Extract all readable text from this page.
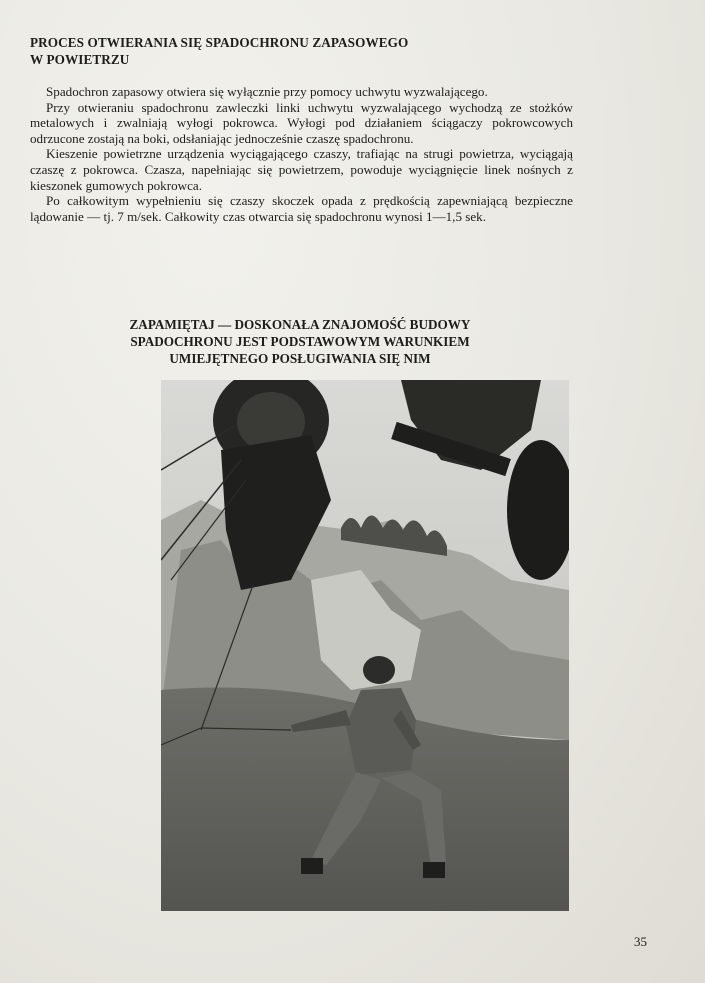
PROCES OTWIERANIA SIĘ SPADOCHRONU ZAPASOWEGO
W POWIETRZU

Spadochron zapasowy otwiera się wyłącznie przy pomocy uchwytu wyzwalającego.

Przy otwieraniu spadochronu zawleczki linki uchwytu wyzwalającego wychodzą ze stożków metalowych i zwalniają wyłogi pokrowca. Wyłogi pod działaniem ściągaczy pokrowcowych odrzucone zostają na boki, odsłaniając jednocześnie czaszę spadochronu.

Kieszenie powietrzne urządzenia wyciągającego czaszy, trafiając na strugi powietrza, wyciągają czaszę z pokrowca. Czasza, napełniając się powietrzem, powoduje wyciągnięcie linek nośnych z kieszonek gumowych pokrowca.

Po całkowitym wypełnieniu się czaszy skoczek opada z prędkością zapewniającą bezpieczne lądowanie — tj. 7 m/sek. Całkowity czas otwarcia się spadochronu wynosi 1—1,5 sek.

ZAPAMIĘTAJ — DOSKONAŁA ZNAJOMOŚĆ BUDOWY
SPADOCHRONU JEST PODSTAWOWYM WARUNKIEM
UMIEJĘTNEGO POSŁUGIWANIA SIĘ NIM
35
